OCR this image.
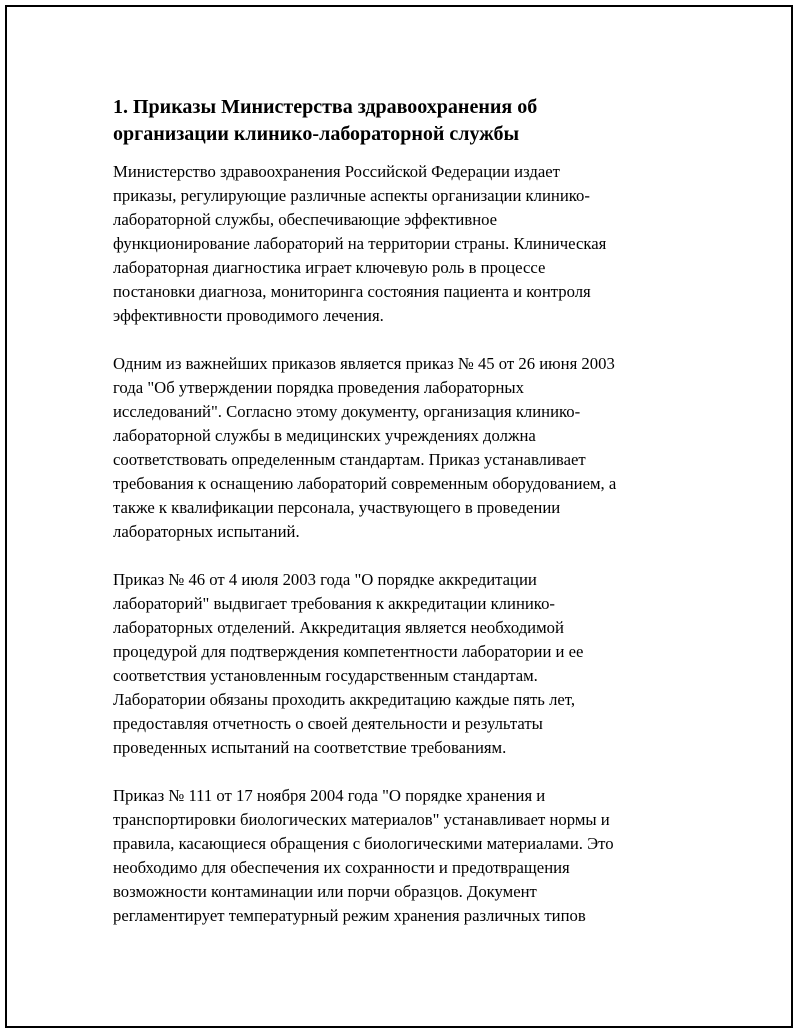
1. Приказы Министерства здравоохранения об
организации клинико-лабораторной службы

Министерство здравоохранения Российской Федерации издает
приказы, регулирующие различные аспекты организации клинико-
лабораторной службы, обеспечивающие эффективное
функционирование лабораторий на территории страны. Клиническая
лабораторная диагностика играет ключевую роль в процессе
постановки диагноза, мониторинга состояния пациента и контроля
эффективности проводимого лечения.

Одним из важнейших приказов является приказ № 45 от 26 июня 2003
года "Об утверждении порядка проведения лабораторных
исследований". Согласно этому документу, организация клинико-
лабораторной службы в медицинских учреждениях должна
соответствовать определенным стандартам. Приказ устанавливает
требования к оснащению лабораторий современным оборудованием, а
также к квалификации персонала, участвующего в проведении
лабораторных испытаний.

Приказ № 46 от 4 июля 2003 года "О порядке аккредитации
лабораторий" выдвигает требования к аккредитации клинико-
лабораторных отделений. Аккредитация является необходимой
процедурой для подтверждения компетентности лаборатории и ее
соответствия установленным государственным стандартам.
Лаборатории обязаны проходить аккредитацию каждые пять лет,
предоставляя отчетность о своей деятельности и результаты
проведенных испытаний на соответствие требованиям.

Приказ № 111 от 17 ноября 2004 года "О порядке хранения и
транспортировки биологических материалов" устанавливает нормы и
правила, касающиеся обращения с биологическими материалами. Это
необходимо для обеспечения их сохранности и предотвращения
возможности контаминации или порчи образцов. Документ
регламентирует температурный режим хранения различных типов
